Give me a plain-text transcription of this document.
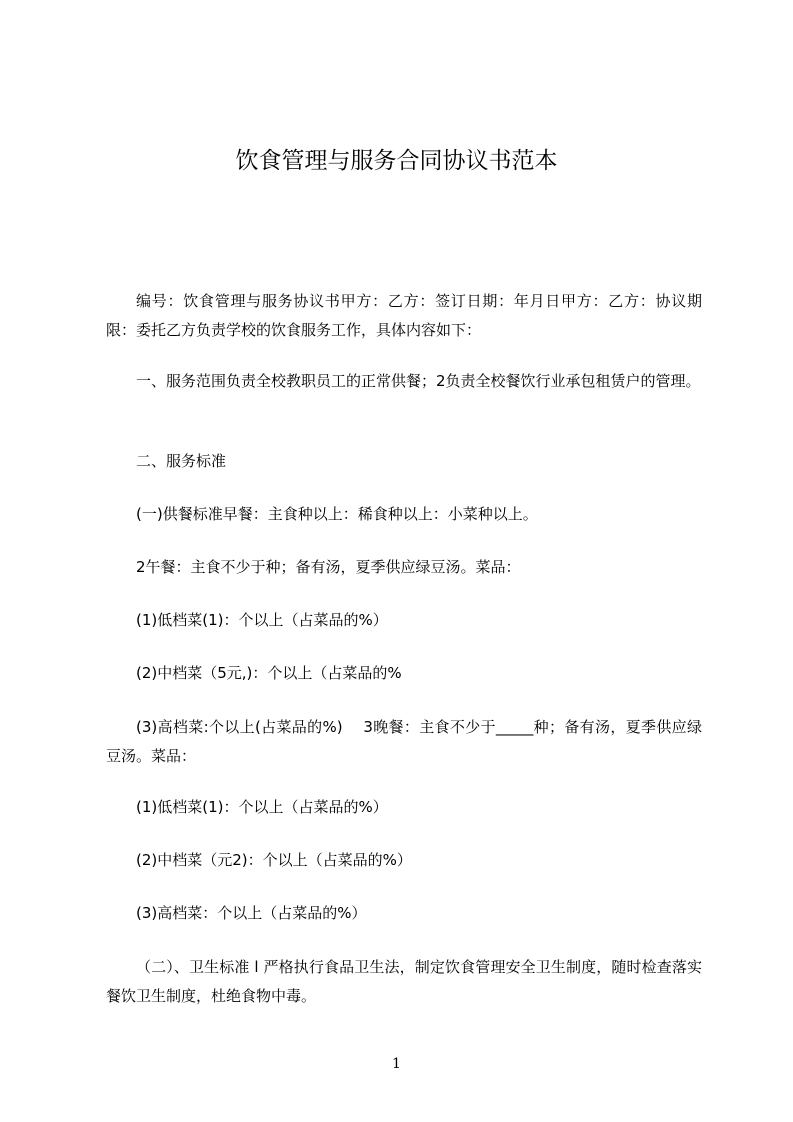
饮食管理与服务合同协议书范本
编号：饮食管理与服务协议书甲方：乙方：签订日期：年月日甲方：乙方：协议期限：委托乙方负责学校的饮食服务工作，具体内容如下：
一、服务范围负责全校教职员工的正常供餐；2负责全校餐饮行业承包租赁户的管理。
二、服务标准
(一)供餐标准早餐：主食种以上：稀食种以上：小菜种以上。
2午餐：主食不少于种；备有汤，夏季供应绿豆汤。菜品：
(1)低档菜(1)：个以上（占菜品的%）
(2)中档菜（5元,)：个以上（占菜品的%
(3)高档菜:个以上(占菜品的%)　 3晚餐：主食不少于_____种；备有汤，夏季供应绿豆汤。菜品：
(1)低档菜(1)：个以上（占菜品的%）
(2)中档菜（元2)：个以上（占菜品的%）
(3)高档菜：个以上（占菜品的%）
（二）、卫生标准 l 严格执行食品卫生法，制定饮食管理安全卫生制度，随时检查落实餐饮卫生制度，杜绝食物中毒。
1
